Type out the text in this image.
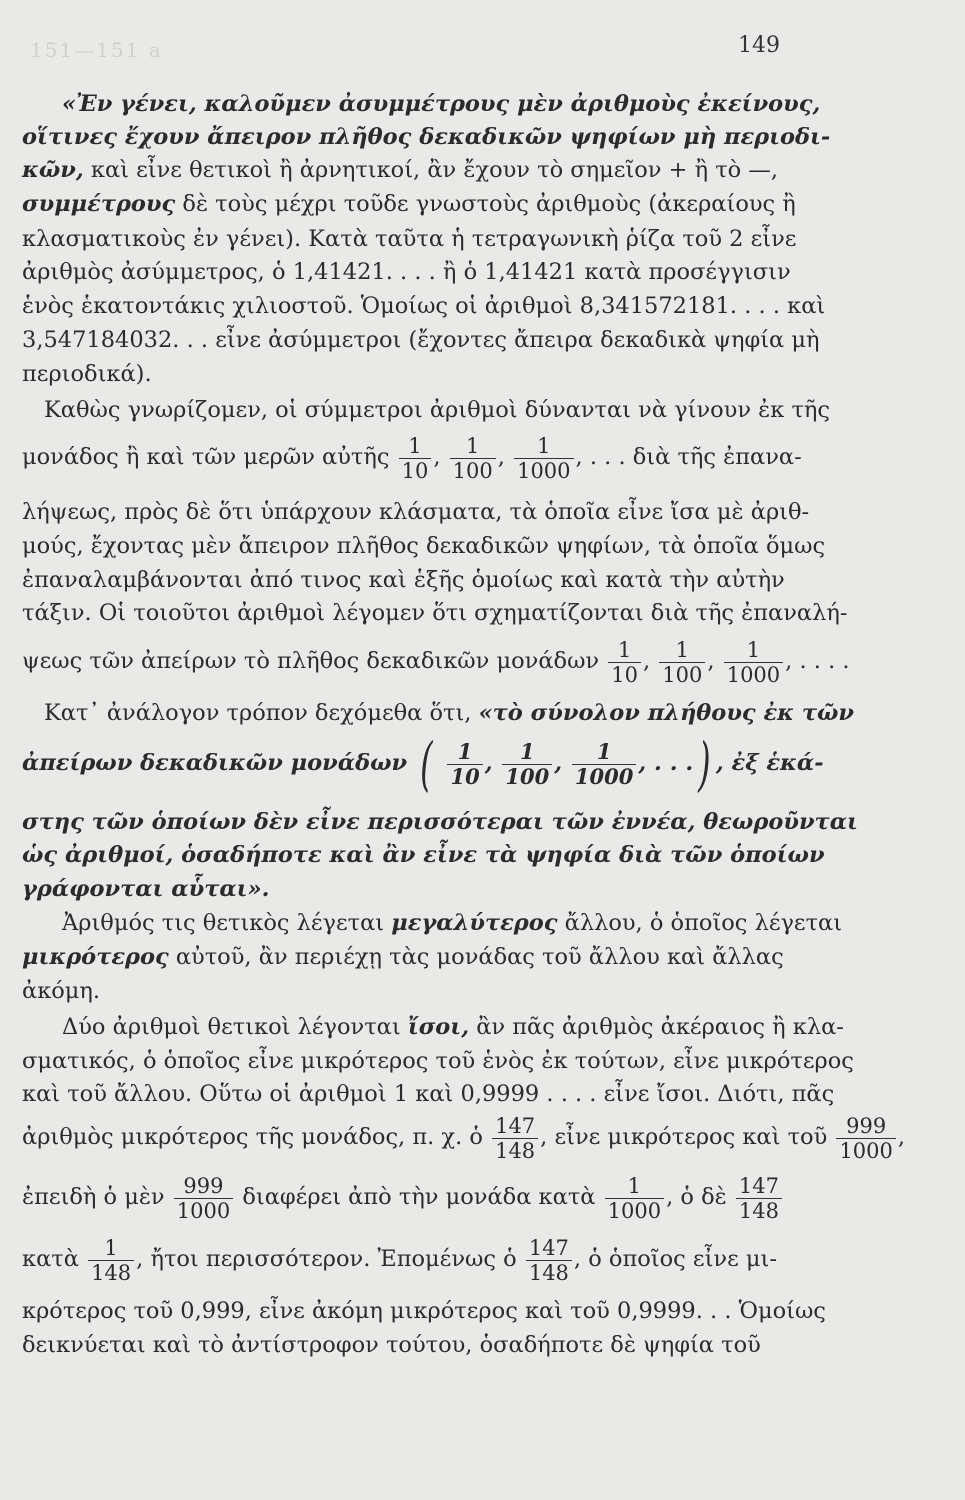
151—151 a	149
«Ἐν γένει, καλοῦμεν ἀσυμμέτρους μὲν ἀριθμοὺς ἐκείνους,
οἵτινες ἔχουν ἄπειρον πλῆθος δεκαδικῶν ψηφίων μὴ περιοδι-
κῶν, καὶ εἶνε θετικοὶ ἢ ἀρνητικοί, ἂν ἔχουν τὸ σημεῖον + ἢ τὸ —,
συμμέτρους δὲ τοὺς μέχρι τοῦδε γνωστοὺς ἀριθμοὺς (ἀκεραίους ἢ
κλασματικοὺς ἐν γένει). Κατὰ ταῦτα ἡ τετραγωνικὴ ῥίζα τοῦ 2 εἶνε
ἀριθμὸς ἀσύμμετρος, ὁ 1,41421. . . . ἢ ὁ 1,41421 κατὰ προσέγγισιν
ἑνὸς ἑκατοντάκις χιλιοστοῦ. Ὁμοίως οἱ ἀριθμοὶ 8,341572181. . . . καὶ
3,547184032. . . εἶνε ἀσύμμετροι (ἔχοντες ἄπειρα δεκαδικὰ ψηφία μὴ
περιοδικά).
Καθὼς γνωρίζομεν, οἱ σύμμετροι ἀριθμοὶ δύνανται νὰ γίνουν ἐκ τῆς
μονάδος ἢ καὶ τῶν μερῶν αὐτῆς $\frac{1}{10}$ , $\frac{1}{100}$ , $\frac{1}{1000}$ , . . . διὰ τῆς ἐπανα-
λήψεως, πρὸς δὲ ὅτι ὑπάρχουν κλάσματα, τὰ ὁποῖα εἶνε ἴσα μὲ ἀριθ-
μούς, ἔχοντας μὲν ἄπειρον πλῆθος δεκαδικῶν ψηφίων, τὰ ὁποῖα ὅμως
ἐπαναλαμβάνονται ἀπό τινος καὶ ἑξῆς ὁμοίως καὶ κατὰ τὴν αὐτὴν
τάξιν. Οἱ τοιοῦτοι ἀριθμοὶ λέγομεν ὅτι σχηματίζονται διὰ τῆς ἐπαναλή-
ψεως τῶν ἀπείρων τὸ πλῆθος δεκαδικῶν μονάδων $\frac{1}{10}$ , $\frac{1}{100}$ , $\frac{1}{1000}$ , . . . .
Κατ᾽ ἀνάλογον τρόπον δεχόμεθα ὅτι, «τὸ σύνολον πλήθους ἐκ τῶν
ἀπείρων δεκαδικῶν μονάδων ( $\frac{1}{10}$ , $\frac{1}{100}$ , $\frac{1}{1000}$ , . . .) , ἐξ ἑκά-
στης τῶν ὁποίων δὲν εἶνε περισσότεραι τῶν ἐννέα, θεωροῦνται
ὡς ἀριθμοί, ὁσαδήποτε καὶ ἂν εἶνε τὰ ψηφία διὰ τῶν ὁποίων
γράφονται αὗται».
Ἀριθμός τις θετικὸς λέγεται μεγαλύτερος ἄλλου, ὁ ὁποῖος λέγεται
μικρότερος αὐτοῦ, ἂν περιέχῃ τὰς μονάδας τοῦ ἄλλου καὶ ἄλλας
ἀκόμη.
Δύο ἀριθμοὶ θετικοὶ λέγονται ἴσοι, ἂν πᾶς ἀριθμὸς ἀκέραιος ἢ κλα-
σματικός, ὁ ὁποῖος εἶνε μικρότερος τοῦ ἑνὸς ἐκ τούτων, εἶνε μικρότερος
καὶ τοῦ ἄλλου. Οὕτω οἱ ἀριθμοὶ 1 καὶ 0,9999 . . . . εἶνε ἴσοι. Διότι, πᾶς
ἀριθμὸς μικρότερος τῆς μονάδος, π. χ. ὁ $\frac{147}{148}$ , εἶνε μικρότερος καὶ τοῦ $\frac{999}{1000}$ ,
ἐπειδὴ ὁ μὲν $\frac{999}{1000}$ διαφέρει ἀπὸ τὴν μονάδα κατὰ $\frac{1}{1000}$ , ὁ δὲ $\frac{147}{148}$
κατὰ $\frac{1}{148}$ , ἤτοι περισσότερον. Ἐπομένως ὁ $\frac{147}{148}$ , ὁ ὁποῖος εἶνε μι-
κρότερος τοῦ 0,999, εἶνε ἀκόμη μικρότερος καὶ τοῦ 0,9999. . . Ὁμοίως
δεικνύεται καὶ τὸ ἀντίστροφον τούτου, ὁσαδήποτε δὲ ψηφία τοῦ
